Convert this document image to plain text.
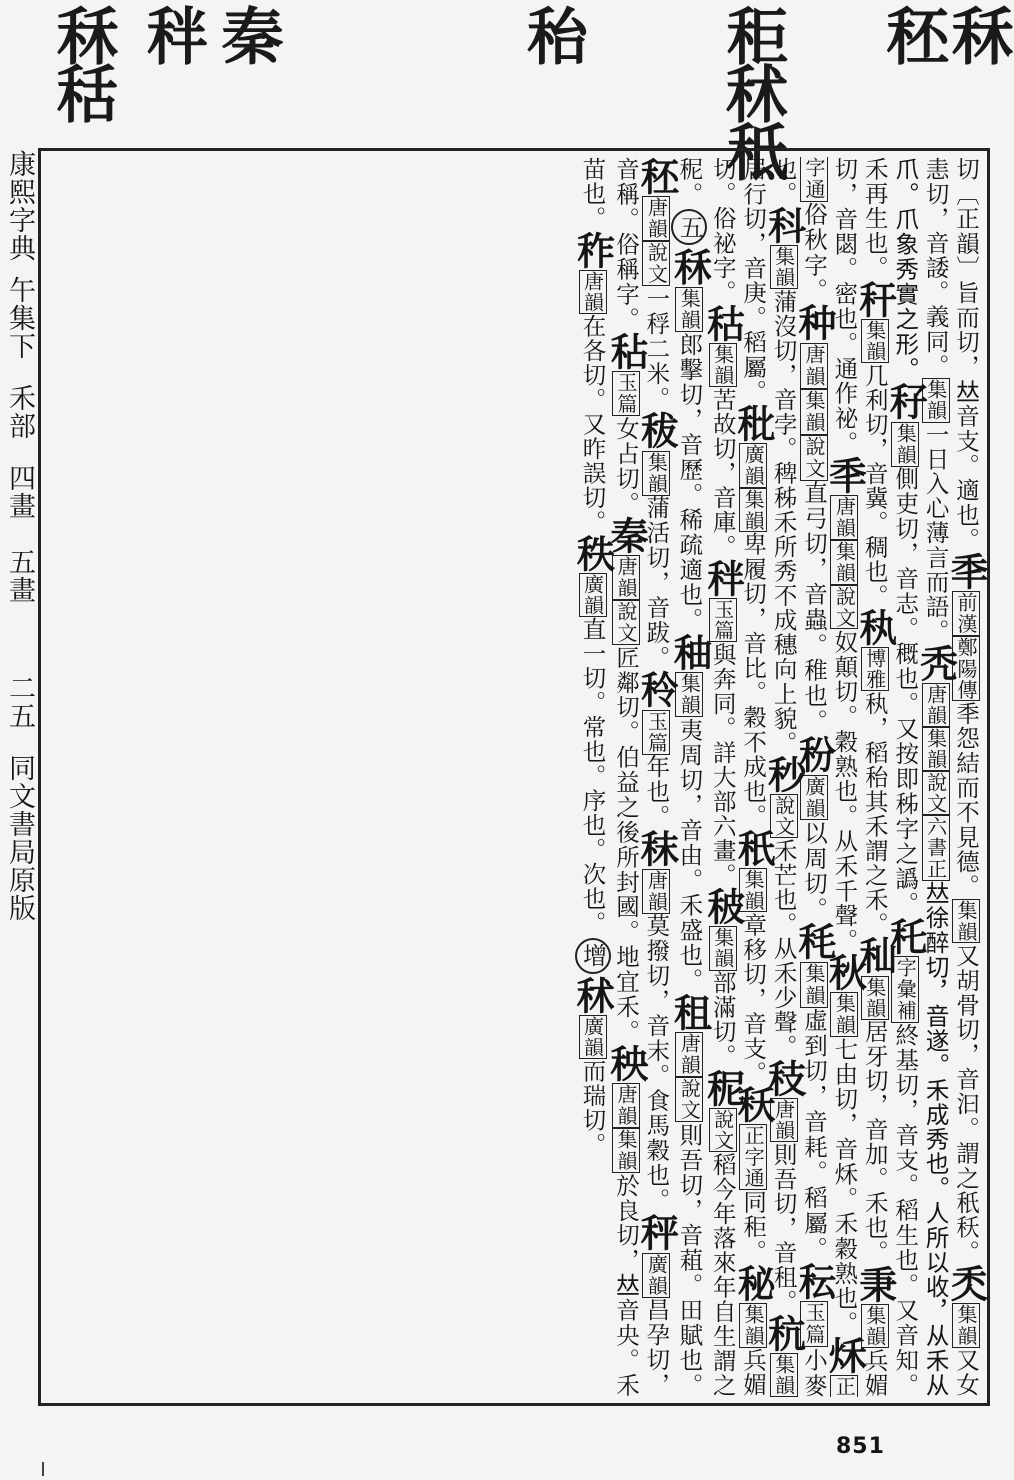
秝
秠
秬秫秪
秮
秦
秚
秝秳
康熙字典
午集下
禾部
四畫　五畫
二五
同文書局原版
切〔正韻〕旨而切，𠀤音支。適也。秊前漢鄭陽傳秊怨結而不見德。集韻又胡骨切，音汩。謂之秖秗。秂集韻又女恚切，音諉。義同。集韻一日入心薄言而語。秃唐韻集韻說文六書正𠀤徐醉切，音遂。禾成秀也。人所以收，从禾从爪。爪象秀實之形。秄集韻側吏切，音志。穊也。又按即秭字之譌。秅字彙補終基切，音支。稻生也。又音知。禾再生也。秆集韻几利切，音冀。稠也。秇博雅秇，稻秮其禾謂之禾。秈集韻居牙切，音加。禾也。秉集韻兵媚切，音閟。密也。通作祕。秊唐韻集韻說文奴顛切。穀熟也。从禾千聲。秋集韻七由切，音秌。禾穀熟也。秌正字通俗秋字。种唐韻集韻說文直弓切，音蟲。稚也。秎廣韻以周切。秏集韻虛到切，音耗。稻屬。秐玉篇小麥也。科集韻蒲沒切，音孛。稗秭禾所秀不成穗向上貌。秒說文禾芒也。从禾少聲。秓唐韻則吾切，音租。秔集韻居行切，音庚。稻屬。秕廣韻集韻卑履切，音比。穀不成也。秖集韻章移切，音支。秗正字通同秬。秘集韻兵媚切。俗祕字。秙集韻苦故切，音庫。秚玉篇與奔同。詳大部六畫。秛集韻部滿切。秜說文稻今年落來年自生謂之秜。五秝集韻郎擊切，音歷。稀疏適也。秞集韻夷周切，音由。禾盛也。租唐韻說文則吾切，音蒩。田賦也。秠唐韻說文一稃二米。秡集韻蒲活切，音跋。秢玉篇年也。秣唐韻莫撥切，音末。食馬穀也。秤廣韻昌孕切，音稱。俗稱字。秥玉篇女占切。秦唐韻說文匠鄰切。伯益之後所封國。地宜禾。秧唐韻集韻於良切，𠀤音央。禾苗也。秨唐韻在各切。又昨誤切。秩廣韻直一切。常也。序也。次也。增秫廣韻而瑞切。
851
